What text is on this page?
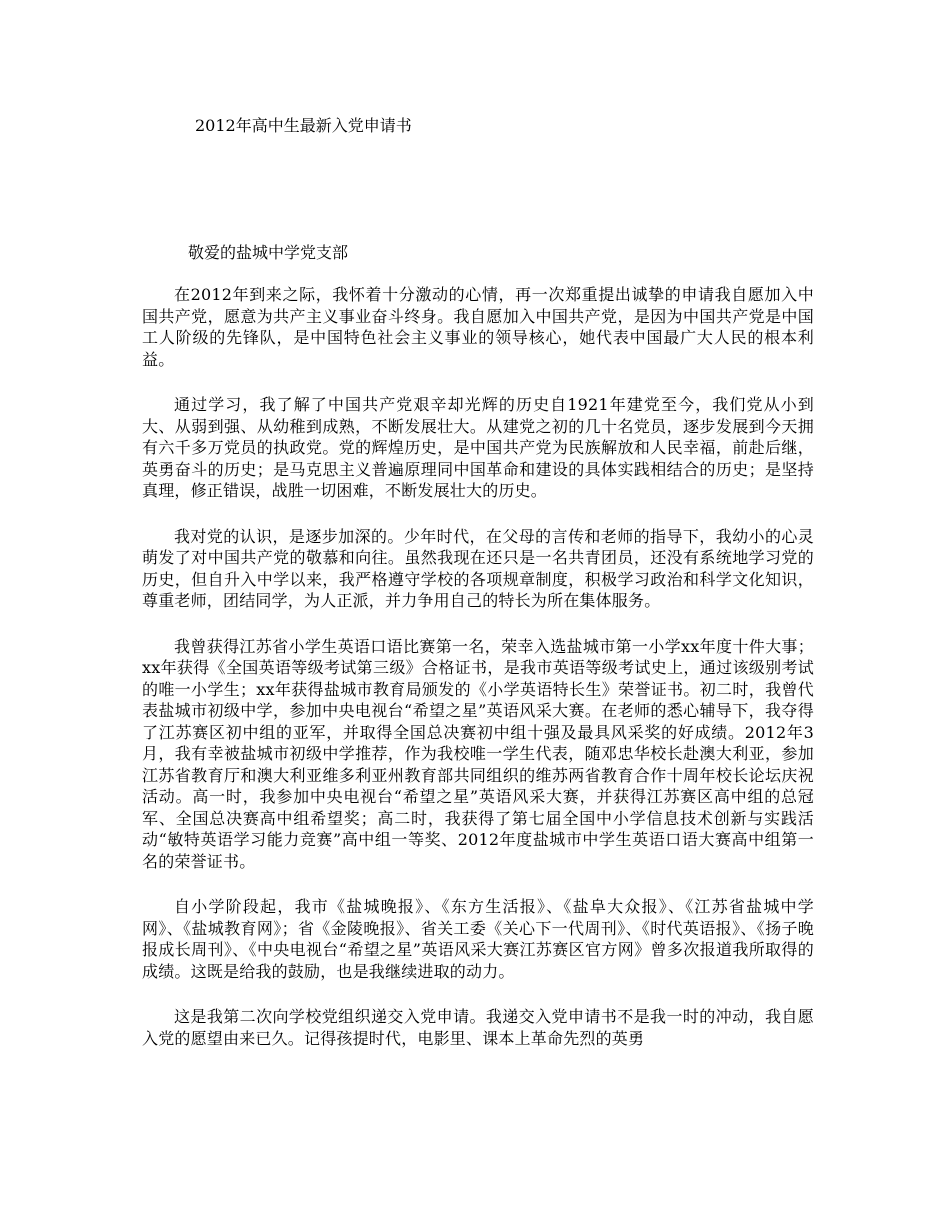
2012年高中生最新入党申请书
敬爱的盐城中学党支部

在2012年到来之际，我怀着十分激动的心情，再一次郑重提出诚挚的申请我自愿加入中国共产党，愿意为共产主义事业奋斗终身。我自愿加入中国共产党，是因为中国共产党是中国工人阶级的先锋队，是中国特色社会主义事业的领导核心，她代表中国最广大人民的根本利益。

通过学习，我了解了中国共产党艰辛却光辉的历史自1921年建党至今，我们党从小到大、从弱到强、从幼稚到成熟，不断发展壮大。从建党之初的几十名党员，逐步发展到今天拥有六千多万党员的执政党。党的辉煌历史，是中国共产党为民族解放和人民幸福，前赴后继，英勇奋斗的历史；是马克思主义普遍原理同中国革命和建设的具体实践相结合的历史；是坚持真理，修正错误，战胜一切困难，不断发展壮大的历史。

我对党的认识，是逐步加深的。少年时代，在父母的言传和老师的指导下，我幼小的心灵萌发了对中国共产党的敬慕和向往。虽然我现在还只是一名共青团员，还没有系统地学习党的历史，但自升入中学以来，我严格遵守学校的各项规章制度，积极学习政治和科学文化知识，尊重老师，团结同学，为人正派，并力争用自己的特长为所在集体服务。

我曾获得江苏省小学生英语口语比赛第一名，荣幸入选盐城市第一小学xx年度十件大事；xx年获得《全国英语等级考试第三级》合格证书，是我市英语等级考试史上，通过该级别考试的唯一小学生；xx年获得盐城市教育局颁发的《小学英语特长生》荣誉证书。初二时，我曾代表盐城市初级中学，参加中央电视台“希望之星”英语风采大赛。在老师的悉心辅导下，我夺得了江苏赛区初中组的亚军，并取得全国总决赛初中组十强及最具风采奖的好成绩。2012年3月，我有幸被盐城市初级中学推荐，作为我校唯一学生代表，随邓忠华校长赴澳大利亚，参加江苏省教育厅和澳大利亚维多利亚州教育部共同组织的维苏两省教育合作十周年校长论坛庆祝活动。高一时，我参加中央电视台“希望之星”英语风采大赛，并获得江苏赛区高中组的总冠军、全国总决赛高中组希望奖；高二时，我获得了第七届全国中小学信息技术创新与实践活动“敏特英语学习能力竞赛”高中组一等奖、2012年度盐城市中学生英语口语大赛高中组第一名的荣誉证书。

自小学阶段起，我市《盐城晚报》、《东方生活报》、《盐阜大众报》、《江苏省盐城中学网》、《盐城教育网》；省《金陵晚报》、省关工委《关心下一代周刊》、《时代英语报》、《扬子晚报成长周刊》、《中央电视台“希望之星”英语风采大赛江苏赛区官方网》曾多次报道我所取得的成绩。这既是给我的鼓励，也是我继续进取的动力。

这是我第二次向学校党组织递交入党申请。我递交入党申请书不是我一时的冲动，我自愿入党的愿望由来已久。记得孩提时代，电影里、课本上革命先烈的英勇
